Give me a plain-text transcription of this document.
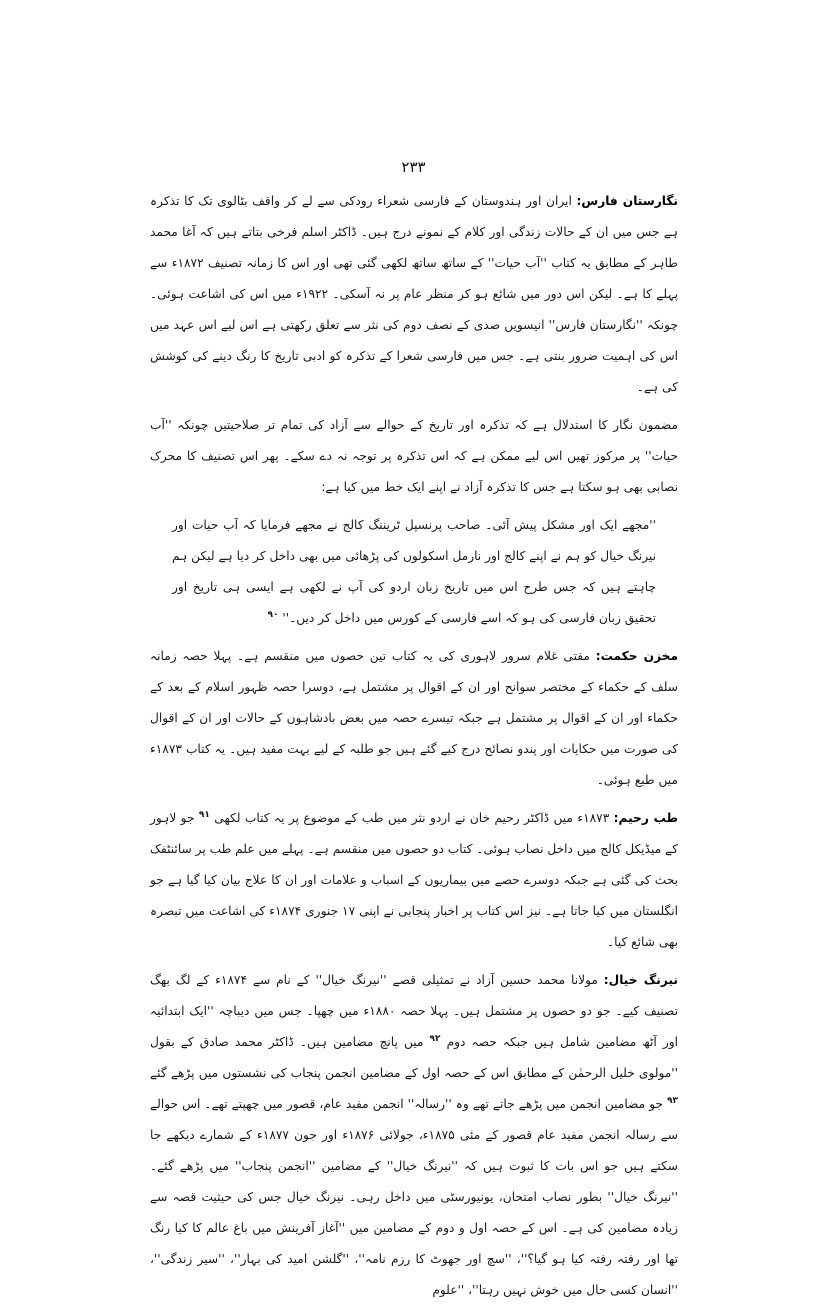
۲۳۳

نگارستان فارس: ایران اور ہندوستان کے فارسی شعراء رودکی سے لے کر واقف بٹالوی تک کا تذکرہ ہے جس میں ان کے حالات زندگی اور کلام کے نمونے درج ہیں۔ ڈاکٹر اسلم فرخی بتاتے ہیں کہ آغا محمد طاہر کے مطابق یہ کتاب ''آب حیات'' کے ساتھ ساتھ لکھی گئی تھی اور اس کا زمانہ تصنیف ۱۸۷۲ء سے پہلے کا ہے۔ لیکن اس دور میں شائع ہو کر منظر عام پر نہ آسکی۔ ۱۹۲۲ء میں اس کی اشاعت ہوئی۔ چونکہ ''نگارستان فارس'' انیسویں صدی کے نصف دوم کی نثر سے تعلق رکھتی ہے اس لیے اس عہد میں اس کی اہمیت ضرور بنتی ہے۔ جس میں فارسی شعرا کے تذکرہ کو ادبی تاریخ کا رنگ دینے کی کوشش کی ہے۔

مضمون نگار کا استدلال ہے کہ تذکرہ اور تاریخ کے حوالے سے آزاد کی تمام تر صلاحیتیں چونکہ ''آب حیات'' پر مرکوز تھیں اس لیے ممکن ہے کہ اس تذکرہ پر توجہ نہ دے سکے۔ پھر اس تصنیف کا محرک نصابی بھی ہو سکتا ہے جس کا تذکرہ آزاد نے اپنے ایک خط میں کیا ہے:

''مجھے ایک اور مشکل پیش آئی۔ صاحب پرنسپل ٹریننگ کالج نے مجھے فرمایا کہ آب حیات اور نیرنگ خیال کو ہم نے اپنے کالج اور نارمل اسکولوں کی پڑھائی میں بھی داخل کر دیا ہے لیکن ہم چاہتے ہیں کہ جس طرح اس میں تاریخ زبان اردو کی آپ نے لکھی ہے ایسی ہی تاریخ اور تحقیق زبان فارسی کی ہو کہ اسے فارسی کے کورس میں داخل کر دیں۔'' $^{۹۰}$

مخزن حکمت: مفتی غلام سرور لاہوری کی یہ کتاب تین حصوں میں منقسم ہے۔ پہلا حصہ زمانہ سلف کے حکماء کے مختصر سوانح اور ان کے اقوال پر مشتمل ہے، دوسرا حصہ ظہور اسلام کے بعد کے حکماء اور ان کے اقوال پر مشتمل ہے جبکہ تیسرے حصہ میں بعض بادشاہوں کے حالات اور ان کے اقوال کی صورت میں حکایات اور پندو نصائح درج کیے گئے ہیں جو طلبہ کے لیے بہت مفید ہیں۔ یہ کتاب ۱۸۷۳ء میں طبع ہوئی۔

طب رحیم: ۱۸۷۳ء میں ڈاکٹر رحیم خان نے اردو نثر میں طب کے موضوع پر یہ کتاب لکھی $^{۹۱}$ جو لاہور کے میڈیکل کالج میں داخل نصاب ہوئی۔ کتاب دو حصوں میں منقسم ہے۔ پہلے میں علم طب پر سائنٹفک بحث کی گئی ہے جبکہ دوسرے حصے میں بیماریوں کے اسباب و علامات اور ان کا علاج بیان کیا گیا ہے جو انگلستان میں کیا جاتا ہے۔ نیز اس کتاب پر اخبار پنجابی نے اپنی ۱۷ جنوری ۱۸۷۴ء کی اشاعت میں تبصرہ بھی شائع کیا۔

نیرنگ خیال: مولانا محمد حسین آزاد نے تمثیلی قصے ''نیرنگ خیال'' کے نام سے ۱۸۷۴ء کے لگ بھگ تصنیف کیے۔ جو دو حصوں پر مشتمل ہیں۔ پہلا حصہ ۱۸۸۰ء میں چھپا۔ جس میں دیباچہ ''ایک ابتدائیہ اور آٹھ مضامین شامل ہیں جبکہ حصہ دوم $^{۹۲}$ میں پانچ مضامین ہیں۔ ڈاکٹر محمد صادق کے بقول ''مولوی خلیل الرحمٰن کے مطابق اس کے حصہ اول کے مضامین انجمن پنجاب کی نشستوں میں پڑھے گئے $^{۹۳}$ جو مضامین انجمن میں پڑھے جاتے تھے وہ ''رسالہ'' انجمن مفید عام، قصور میں چھپتے تھے۔ اس حوالے سے رسالہ انجمن مفید عام قصور کے مئی ۱۸۷۵ء، جولائی ۱۸۷۶ء اور جون ۱۸۷۷ء کے شمارے دیکھے جا سکتے ہیں جو اس بات کا ثبوت ہیں کہ ''نیرنگ خیال'' کے مضامین ''انجمن پنجاب'' میں پڑھے گئے۔ ''نیرنگ خیال'' بطور نصاب امتحان، یونیورسٹی میں داخل رہی۔ نیرنگ خیال جس کی حیثیت قصہ سے زیادہ مضامین کی ہے۔ اس کے حصہ اول و دوم کے مضامین میں ''آغاز آفرینش میں باغ عالم کا کیا رنگ تھا اور رفتہ رفتہ کیا ہو گیا؟''، ''سچ اور جھوٹ کا رزم نامہ''، ''گلشن امید کی بہار''، ''سیر زندگی''، ''انسان کسی حال میں خوش نہیں رہتا''، ''علوم
